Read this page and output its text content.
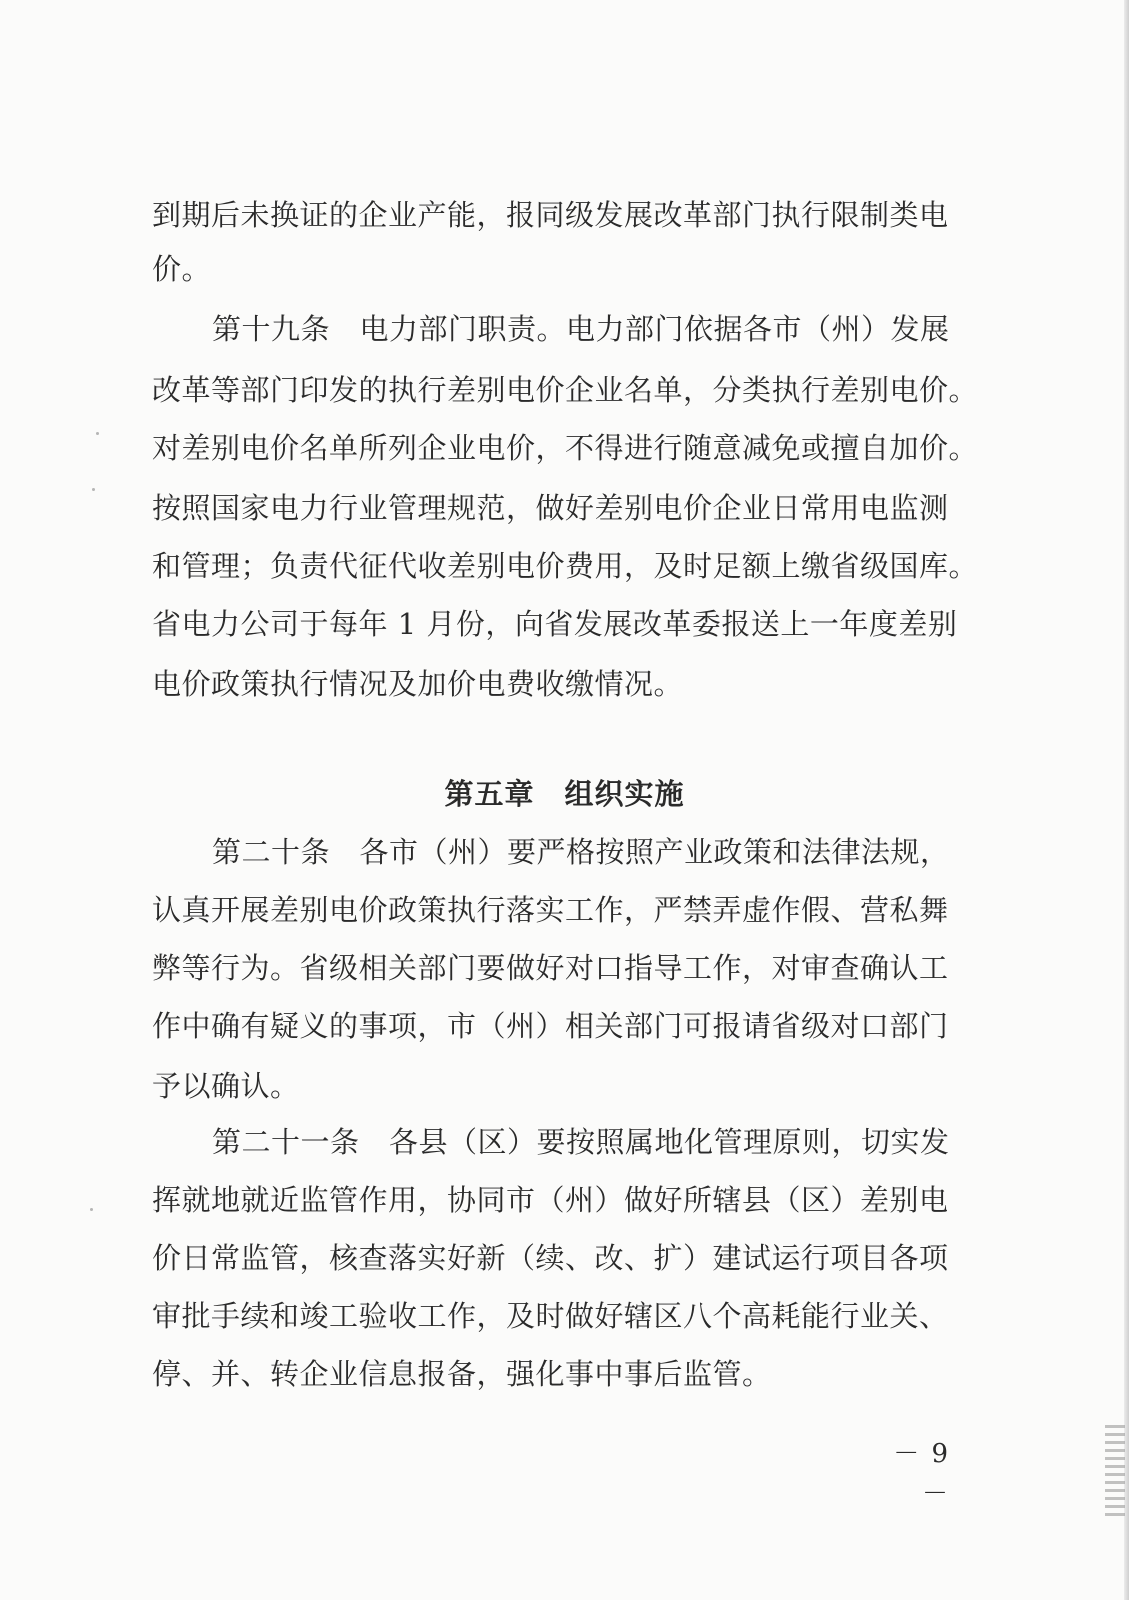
到期后未换证的企业产能，报同级发展改革部门执行限制类电
价。
第十九条　电力部门职责。电力部门依据各市（州）发展
改革等部门印发的执行差别电价企业名单，分类执行差别电价。
对差别电价名单所列企业电价，不得进行随意减免或擅自加价。
按照国家电力行业管理规范，做好差别电价企业日常用电监测
和管理；负责代征代收差别电价费用，及时足额上缴省级国库。
省电力公司于每年 1 月份，向省发展改革委报送上一年度差别
电价政策执行情况及加价电费收缴情况。
第五章　组织实施
第二十条　各市（州）要严格按照产业政策和法律法规，
认真开展差别电价政策执行落实工作，严禁弄虚作假、营私舞
弊等行为。省级相关部门要做好对口指导工作，对审查确认工
作中确有疑义的事项，市（州）相关部门可报请省级对口部门
予以确认。
第二十一条　各县（区）要按照属地化管理原则，切实发
挥就地就近监管作用，协同市（州）做好所辖县（区）差别电
价日常监管，核查落实好新（续、改、扩）建试运行项目各项
审批手续和竣工验收工作，及时做好辖区八个高耗能行业关、
停、并、转企业信息报备，强化事中事后监管。
－ 9 －
